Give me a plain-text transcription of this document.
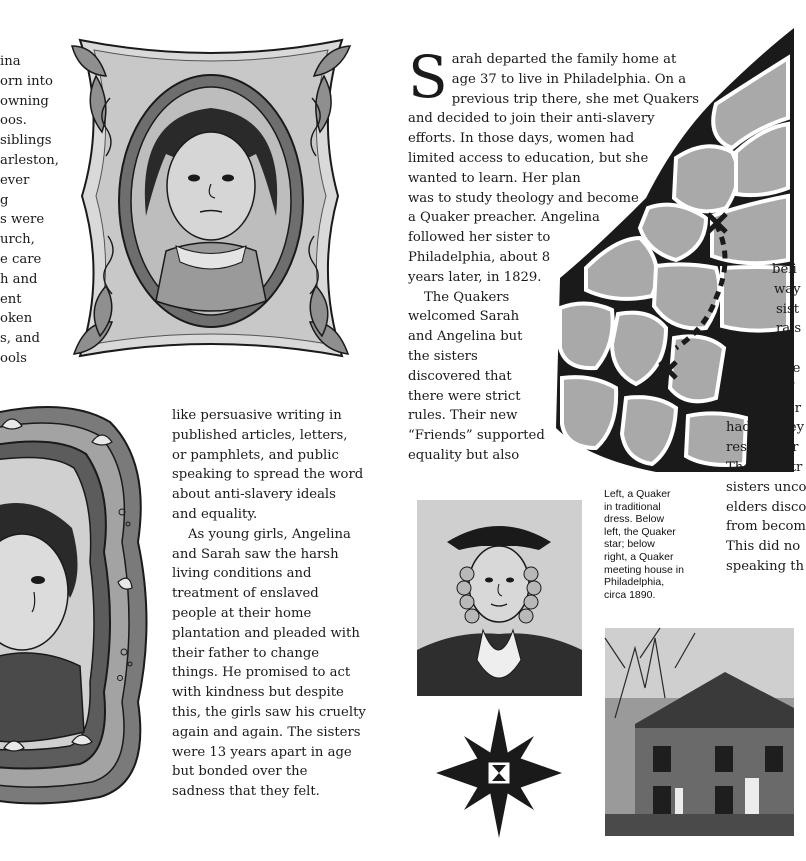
ina
orn into
owning
oos.
siblings
arleston,
ever
g
s were
urch,
e care
h and
ent
oken
s, and
ools
like persuasive writing in
published articles, letters,
or pamphlets, and public
speaking to spread the word
about anti-slavery ideals
and equality.
As young girls, Angelina
and Sarah saw the harsh
living conditions and
treatment of enslaved
people at their home
plantation and pleaded with
their father to change
things. He promised to act
with kindness but despite
this, the girls saw his cruelty
again and again. The sisters
were 13 years apart in age
but bonded over the
sadness that they felt.
S arah departed the family home at
age 37 to live in Philadelphia. On a
previous trip there, she met Quakers
and decided to join their anti-slavery
efforts. In those days, women had
limited access to education, but she
wanted to learn. Her plan
was to study theology and become
a Quaker preacher. Angelina
followed her sister to
Philadelphia, about 8
years later, in 1829.
The Quakers
welcomed Sarah
and Angelina but
the sisters
discovered that
there were strict
rules. Their new
“Friends” supported
equality but also
beli
way
sist
rais
clas
were use
amount of
the Quaker
had to obey
respect, or
These restr
sisters unco
elders disco
from becom
This did no
speaking th
Left, a Quaker
in traditional
dress. Below
left, the Quaker
star; below
right, a Quaker
meeting house in
Philadelphia,
circa 1890.
